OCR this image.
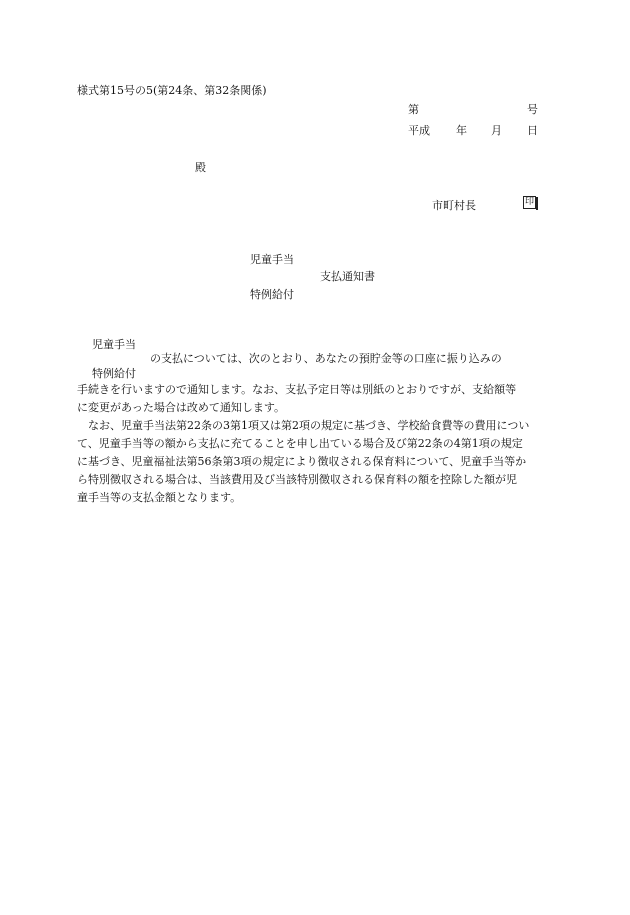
様式第15号の5(第24条、第32条関係)
第	号
平成 年 月 日
殿
市町村長	印
児童手当
支払通知書
特例給付
児童手当
の支払については、次のとおり、あなたの預貯金等の口座に振り込みの
特例給付
手続きを行いますので通知します。なお、支払予定日等は別紙のとおりですが、支給額等
に変更があった場合は改めて通知します。
　なお、児童手当法第22条の3第1項又は第2項の規定に基づき、学校給食費等の費用につい
て、児童手当等の額から支払に充てることを申し出ている場合及び第22条の4第1項の規定
に基づき、児童福祉法第56条第3項の規定により徴収される保育料について、児童手当等か
ら特別徴収される場合は、当該費用及び当該特別徴収される保育料の額を控除した額が児
童手当等の支払金額となります。
